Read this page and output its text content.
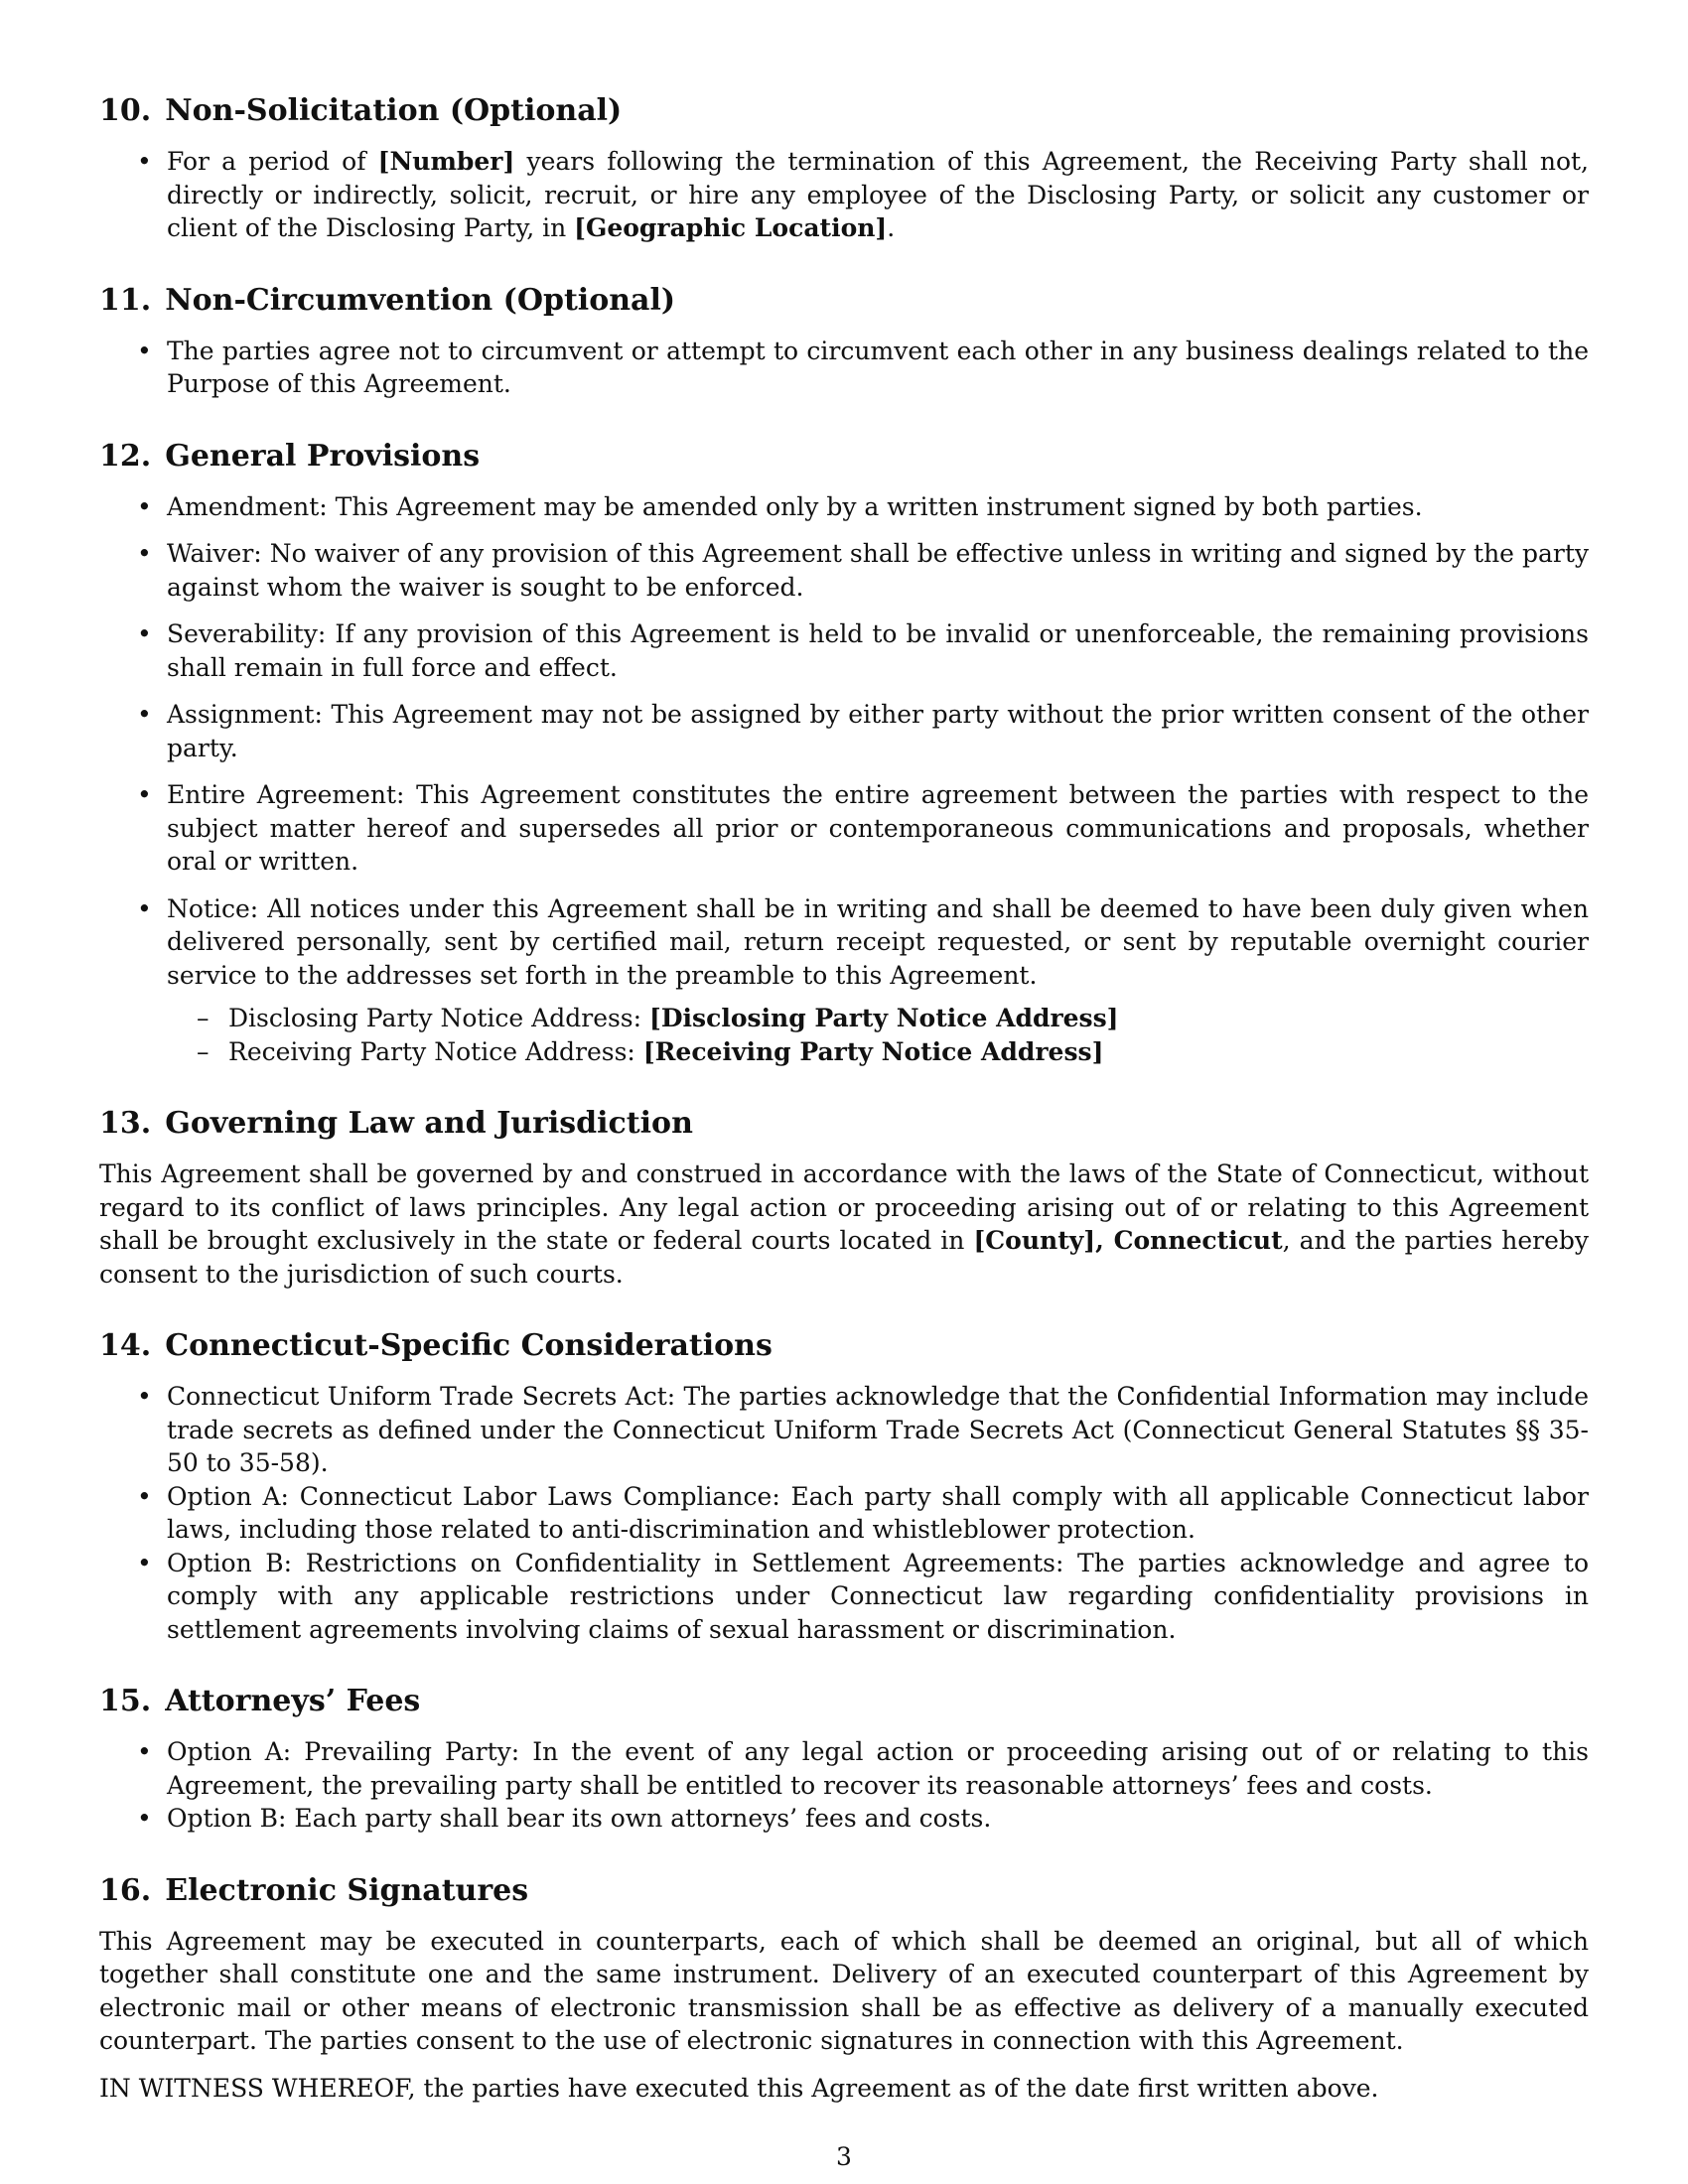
10. Non-Solicitation (Optional)
• For a period of [Number] years following the termination of this Agreement, the Receiving Party shall not, directly or indirectly, solicit, recruit, or hire any employee of the Disclosing Party, or solicit any customer or client of the Disclosing Party, in [Geographic Location].
11. Non-Circumvention (Optional)
• The parties agree not to circumvent or attempt to circumvent each other in any business dealings related to the Purpose of this Agreement.
12. General Provisions
• Amendment: This Agreement may be amended only by a written instrument signed by both parties.
• Waiver: No waiver of any provision of this Agreement shall be effective unless in writing and signed by the party against whom the waiver is sought to be enforced.
• Severability: If any provision of this Agreement is held to be invalid or unenforceable, the remaining provisions shall remain in full force and effect.
• Assignment: This Agreement may not be assigned by either party without the prior written consent of the other party.
• Entire Agreement: This Agreement constitutes the entire agreement between the parties with respect to the subject matter hereof and supersedes all prior or contemporaneous communications and proposals, whether oral or written.
• Notice: All notices under this Agreement shall be in writing and shall be deemed to have been duly given when delivered personally, sent by certified mail, return receipt requested, or sent by reputable overnight courier service to the addresses set forth in the preamble to this Agreement.
– Disclosing Party Notice Address: [Disclosing Party Notice Address]
– Receiving Party Notice Address: [Receiving Party Notice Address]
13. Governing Law and Jurisdiction

This Agreement shall be governed by and construed in accordance with the laws of the State of Connecticut, without regard to its conflict of laws principles. Any legal action or proceeding arising out of or relating to this Agreement shall be brought exclusively in the state or federal courts located in [County], Connecticut, and the parties hereby consent to the jurisdiction of such courts.

14. Connecticut-Specific Considerations
• Connecticut Uniform Trade Secrets Act: The parties acknowledge that the Confidential Information may include trade secrets as defined under the Connecticut Uniform Trade Secrets Act (Connecticut General Statutes §§ 35-50 to 35-58).
• Option A: Connecticut Labor Laws Compliance: Each party shall comply with all applicable Connecticut labor laws, including those related to anti-discrimination and whistleblower protection.
• Option B: Restrictions on Confidentiality in Settlement Agreements: The parties acknowledge and agree to comply with any applicable restrictions under Connecticut law regarding confidentiality provisions in settlement agreements involving claims of sexual harassment or discrimination.
15. Attorneys’ Fees
• Option A: Prevailing Party: In the event of any legal action or proceeding arising out of or relating to this Agreement, the prevailing party shall be entitled to recover its reasonable attorneys’ fees and costs.
• Option B: Each party shall bear its own attorneys’ fees and costs.
16. Electronic Signatures

This Agreement may be executed in counterparts, each of which shall be deemed an original, but all of which together shall constitute one and the same instrument. Delivery of an executed counterpart of this Agreement by electronic mail or other means of electronic transmission shall be as effective as delivery of a manually executed counterpart. The parties consent to the use of electronic signatures in connection with this Agreement.

IN WITNESS WHEREOF, the parties have executed this Agreement as of the date first written above.

3
